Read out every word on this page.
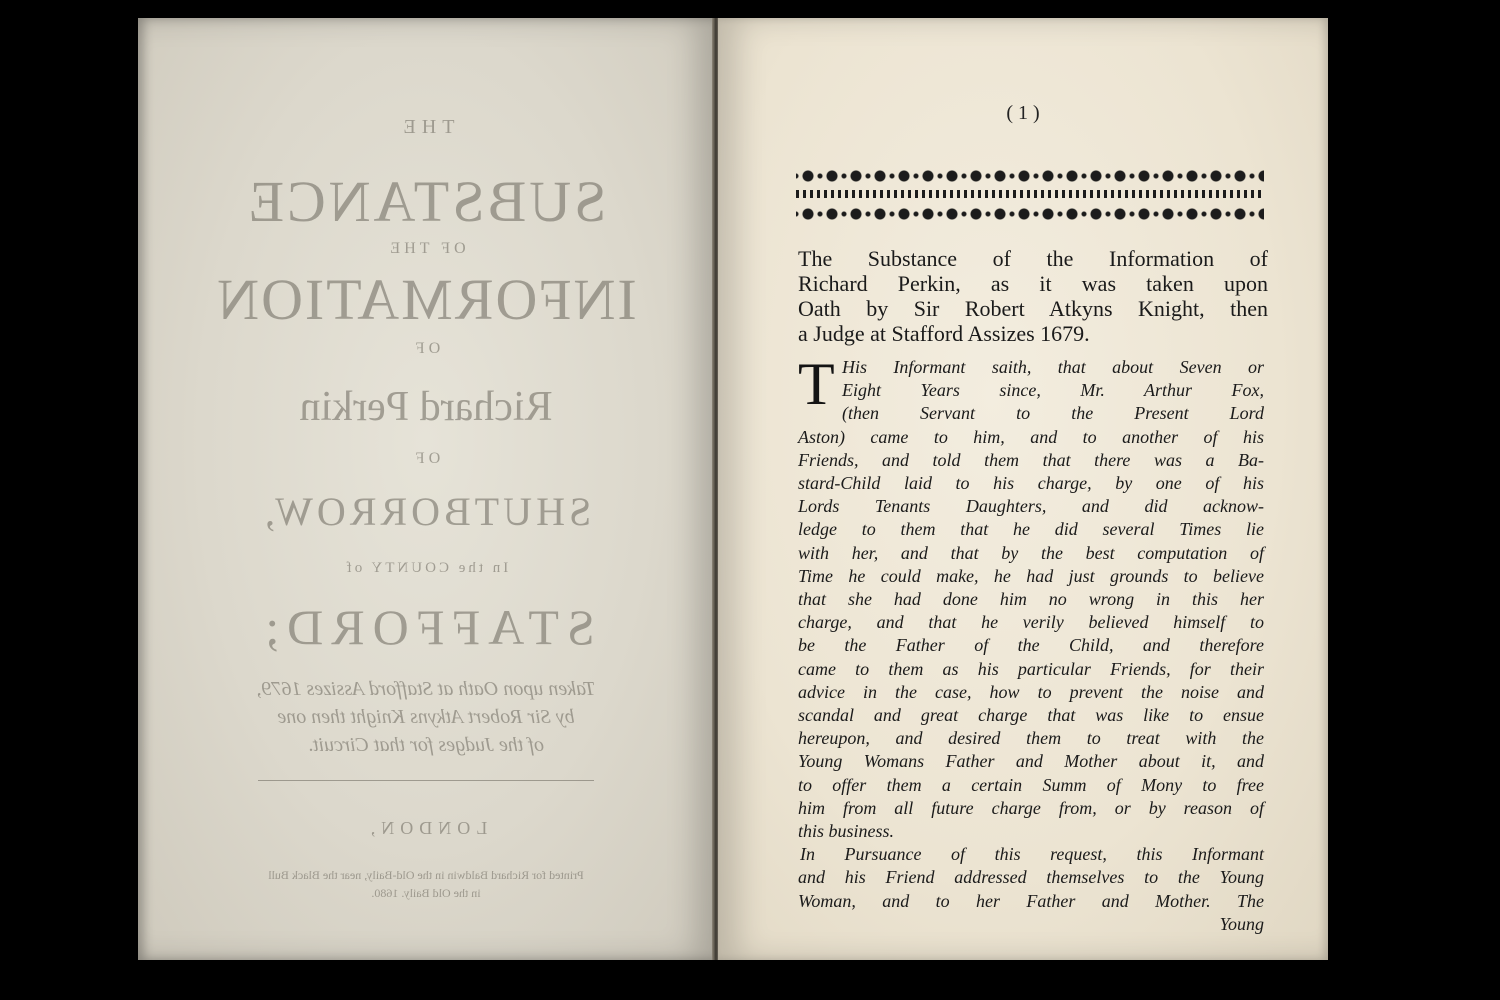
THE
SUBSTANCE
OF THE
INFORMATION
OF
Richard Perkin
OF
SHUTBORROW,
In the COUNTY of
STAFFORD;
Taken upon Oath at Stafford Assizes 1679,
by Sir Robert Atkyns Knight then one
of the Judges for that Circuit.
LONDON,
Printed for Richard Baldwin in the Old-Baily, near the Black Bull
in the Old Baily. 1680.
( 1 )
The Substance of the Information of
Richard Perkin, as it was taken upon
Oath by Sir Robert Atkyns Knight, then
a Judge at Stafford Assizes 1679.
T His Informant saith, that about Seven or
Eight Years since, Mr. Arthur Fox,
(then Servant to the Present Lord
Aston) came to him, and to another of his
Friends, and told them that there was a Ba-
stard-Child laid to his charge, by one of his
Lords Tenants Daughters, and did acknow-
ledge to them that he did several Times lie
with her, and that by the best computation of
Time he could make, he had just grounds to believe
that she had done him no wrong in this her
charge, and that he verily believed himself to
be the Father of the Child, and therefore
came to them as his particular Friends, for their
advice in the case, how to prevent the noise and
scandal and great charge that was like to ensue
hereupon, and desired them to treat with the
Young Womans Father and Mother about it, and
to offer them a certain Summ of Mony to free
him from all future charge from, or by reason of
this business.
In Pursuance of this request, this Informant
and his Friend addressed themselves to the Young
Woman, and to her Father and Mother. The
Young
